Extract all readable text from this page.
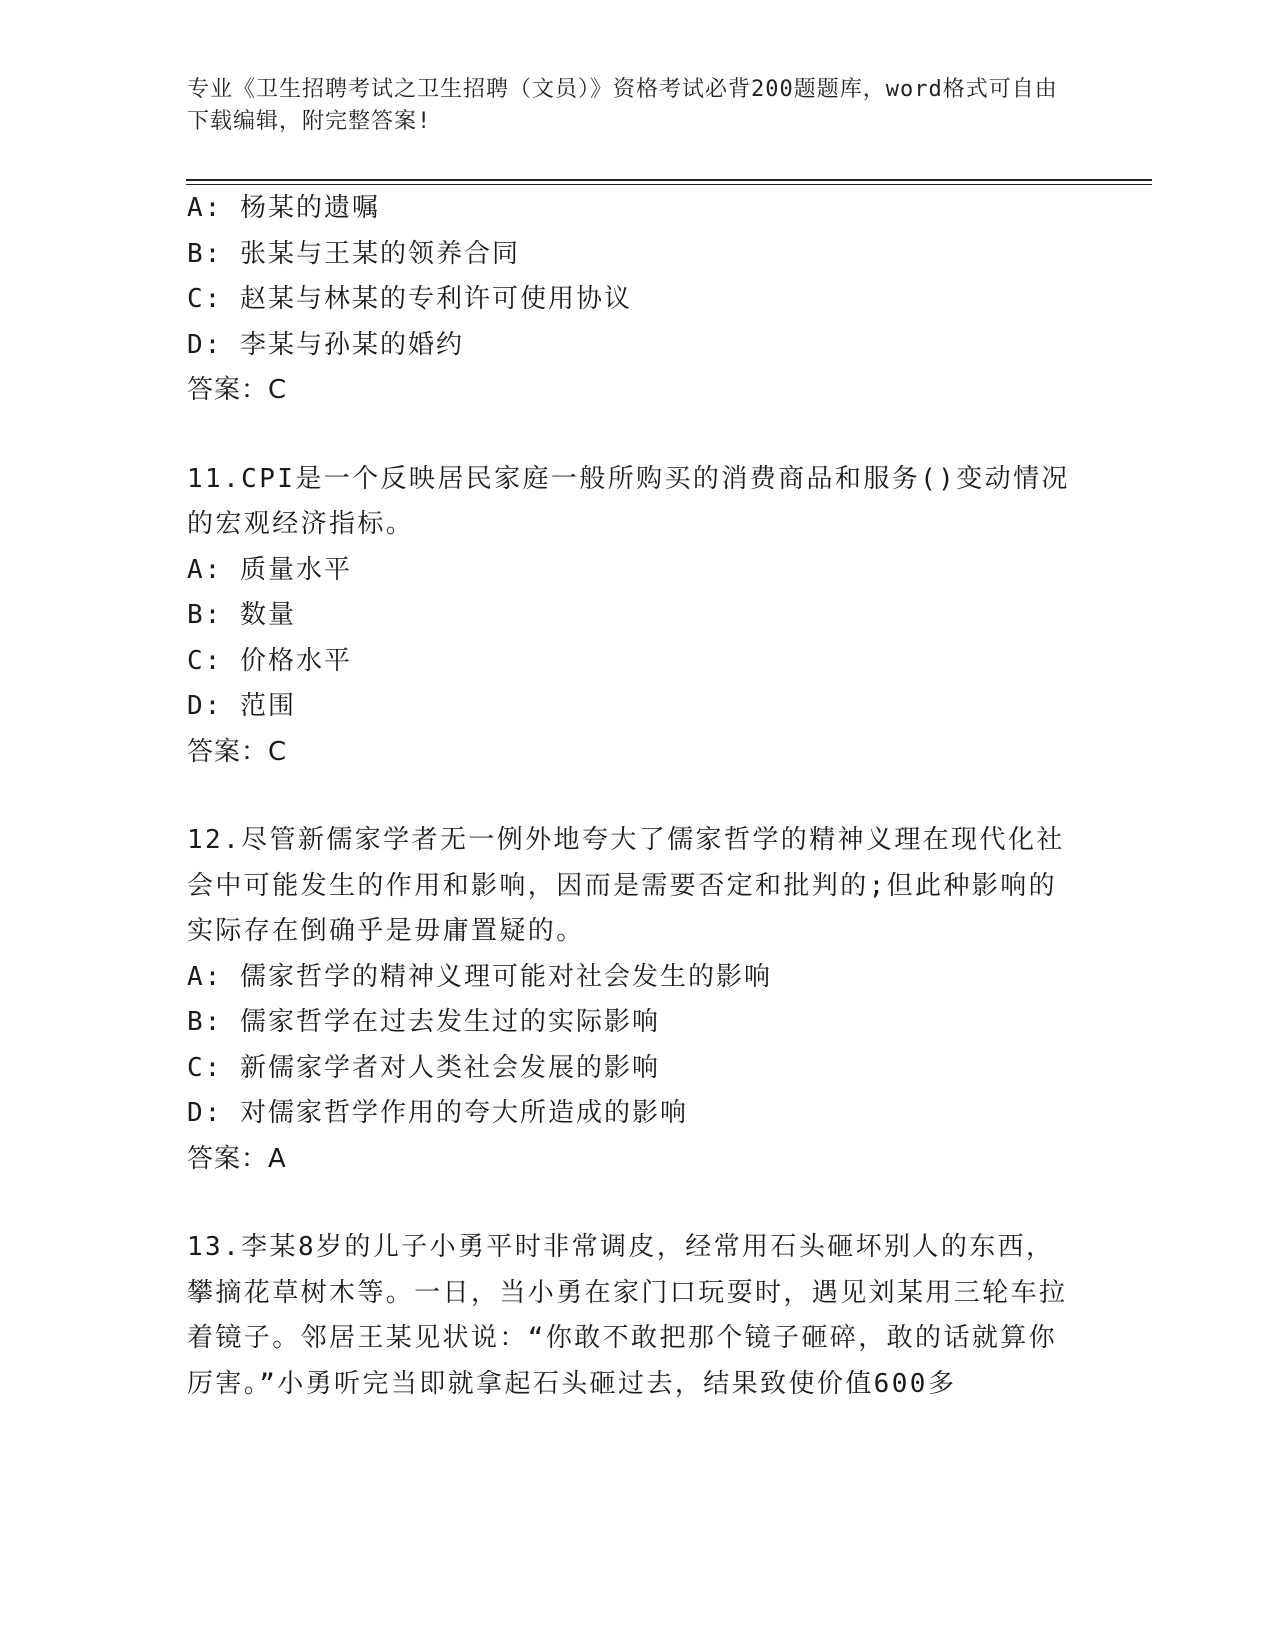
专业《卫生招聘考试之卫生招聘（文员）》资格考试必背200题题库，word格式可自由下载编辑，附完整答案!
A: 杨某的遗嘱
B: 张某与王某的领养合同
C: 赵某与林某的专利许可使用协议
D: 李某与孙某的婚约
答案：C
11.CPI是一个反映居民家庭一般所购买的消费商品和服务()变动情况的宏观经济指标。
A: 质量水平
B: 数量
C: 价格水平
D: 范围
答案：C
12.尽管新儒家学者无一例外地夸大了儒家哲学的精神义理在现代化社会中可能发生的作用和影响，因而是需要否定和批判的;但此种影响的实际存在倒确乎是毋庸置疑的。
A: 儒家哲学的精神义理可能对社会发生的影响
B: 儒家哲学在过去发生过的实际影响
C: 新儒家学者对人类社会发展的影响
D: 对儒家哲学作用的夸大所造成的影响
答案：A
13.李某8岁的儿子小勇平时非常调皮，经常用石头砸坏别人的东西，攀摘花草树木等。一日，当小勇在家门口玩耍时，遇见刘某用三轮车拉着镜子。邻居王某见状说：“你敢不敢把那个镜子砸碎，敢的话就算你厉害。”小勇听完当即就拿起石头砸过去，结果致使价值600多
